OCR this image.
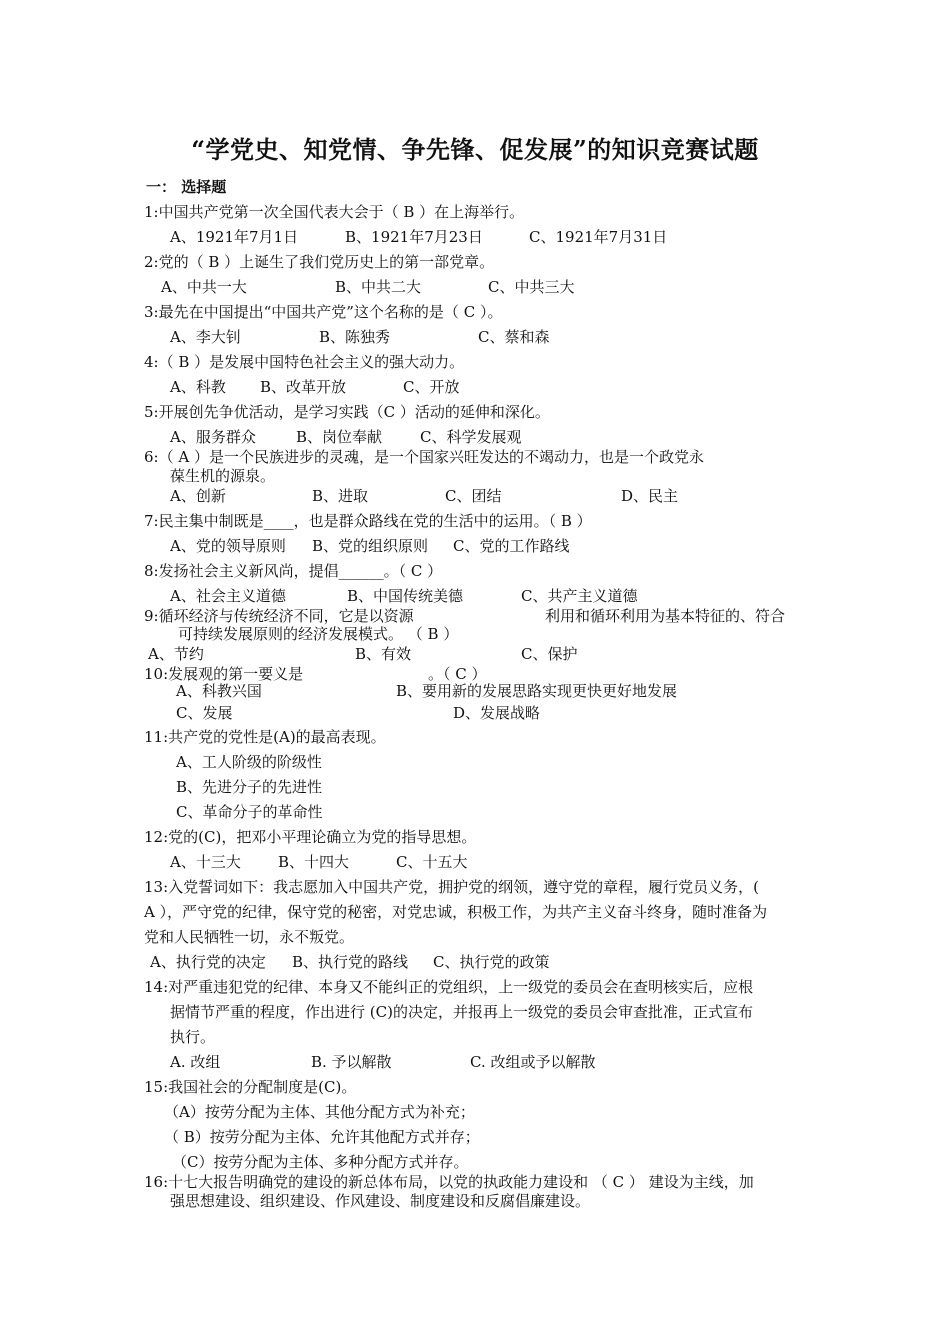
“学党史、知党情、争先锋、促发展”的知识竞赛试题
一： 选择题
1:中国共产党第一次全国代表大会于（ B ）在上海举行。
A、1921年7月1日	B、1921年7月23日	C、1921年7月31日
2:党的（ B ）上诞生了我们党历史上的第一部党章。
A、中共一大	B、中共二大	C、中共三大
3:最先在中国提出“中国共产党”这个名称的是（ C ）。
A、李大钊	B、陈独秀	C、蔡和森
4:（ B ）是发展中国特色社会主义的强大动力。
A、科教 B、改革开放	C、开放
5:开展创先争优活动，是学习实践（C ）活动的延伸和深化。
A、服务群众	B、岗位奉献	C、科学发展观
6:（ A ）是一个民族进步的灵魂，是一个国家兴旺发达的不竭动力，也是一个政党永
葆生机的源泉。
A、创新	B、进取	C、团结	D、民主
7:民主集中制既是____，也是群众路线在党的生活中的运用。（ B ）
A、党的领导原则 B、党的组织原则 C、党的工作路线
8:发扬社会主义新风尚，提倡______。（ C ）
A、社会主义道德	B、中国传统美德	C、共产主义道德
9:循环经济与传统经济不同，它是以资源	利用和循环利用为基本特征的、符合
可持续发展原则的经济发展模式。 （ B ）
A、节约	B、有效	C、保护
10:发展观的第一要义是	。（ C ）
A、科教兴国	B、要用新的发展思路实现更快更好地发展
C、发展	D、发展战略
11:共产党的党性是(A)的最高表现。
A、工人阶级的阶级性
B、先进分子的先进性
C、革命分子的革命性
12:党的(C)，把邓小平理论确立为党的指导思想。
A、十三大 B、十四大	C、十五大
13:入党誓词如下：我志愿加入中国共产党，拥护党的纲领，遵守党的章程，履行党员义务，(
A ），严守党的纪律，保守党的秘密，对党忠诚，积极工作，为共产主义奋斗终身，随时准备为
党和人民牺牲一切，永不叛党。
A、执行党的决定 B、执行党的路线 C、执行党的政策
14:对严重违犯党的纪律、本身又不能纠正的党组织，上一级党的委员会在查明核实后，应根
据情节严重的程度，作出进行 (C)的决定，并报再上一级党的委员会审查批准，正式宣布
执行。
A. 改组	B. 予以解散	C. 改组或予以解散
15:我国社会的分配制度是(C)。
（A）按劳分配为主体、其他分配方式为补充；
（ B）按劳分配为主体、允许其他配方式并存；
（C）按劳分配为主体、多种分配方式并存。
16:十七大报告明确党的建设的新总体布局，以党的执政能力建设和 （ C ） 建设为主线，加
强思想建设、组织建设、作风建设、制度建设和反腐倡廉建设。
